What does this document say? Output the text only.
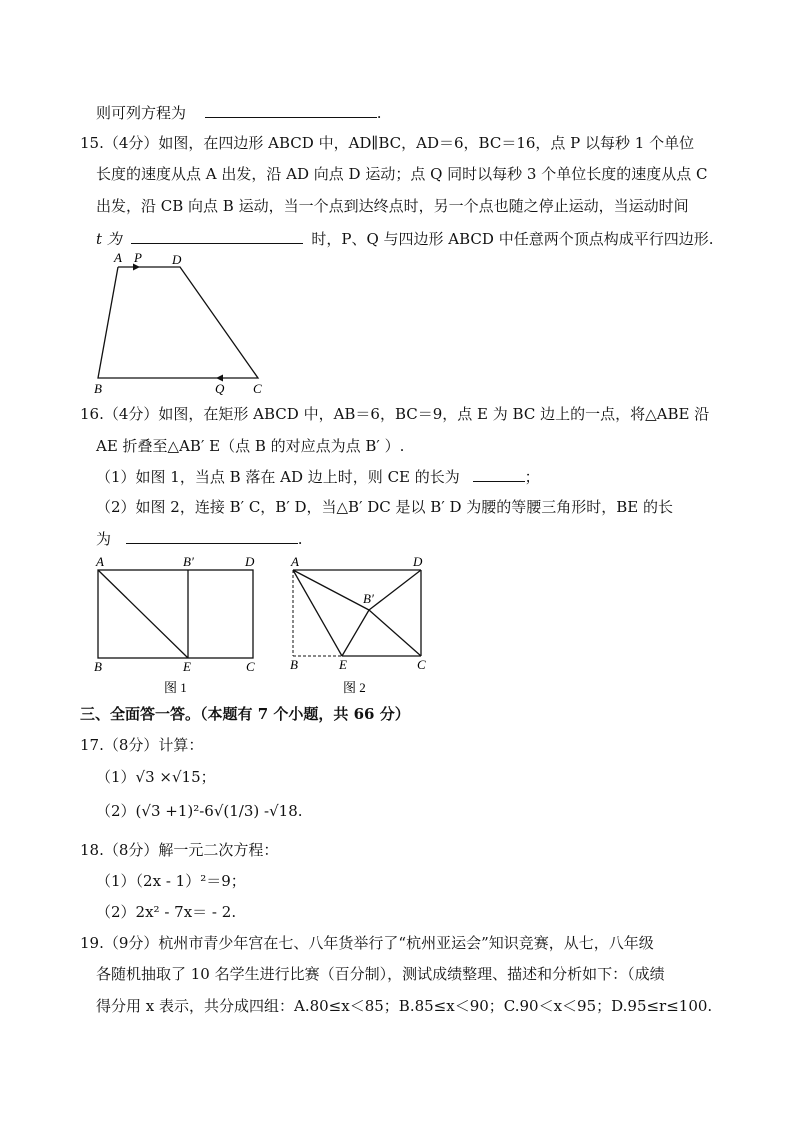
则可列方程为	.
15.（4分）如图，在四边形 ABCD 中，AD∥BC，AD＝6，BC＝16，点 P 以每秒 1 个单位
长度的速度从点 A 出发，沿 AD 向点 D 运动；点 Q 同时以每秒 3 个单位长度的速度从点 C
出发，沿 CB 向点 B 运动，当一个点到达终点时，另一个点也随之停止运动，当运动时间
t 为	时，P、Q 与四边形 ABCD 中任意两个顶点构成平行四边形.
A P D
B	Q C
16.（4分）如图，在矩形 ABCD 中，AB＝6，BC＝9，点 E 为 BC 边上的一点，将△ABE 沿
AE 折叠至△AB′ E（点 B 的对应点为点 B′ ）.
（1）如图 1，当点 B 落在 AD 边上时，则 CE 的长为	；
（2）如图 2，连接 B′ C，B′ D，当△B′ DC 是以 B′ D 为腰的等腰三角形时，BE 的长
为	.
A	B′	D
B	E	C
图 1
A	D
B′
B	E	C
图 2
三、全面答一答。（本题有 7 个小题，共 66 分）
17.（8分）计算：
（1）√3 ×√15；
（2）(√3 +1)²-6√(1/3) -√18.
18.（8分）解一元二次方程：
（1）（2x - 1）²＝9；
（2）2x² - 7x＝ - 2.
19.（9分）杭州市青少年宫在七、八年货举行了“杭州亚运会”知识竞赛，从七，八年级
各随机抽取了 10 名学生进行比赛（百分制），测试成绩整理、描述和分析如下：（成绩
得分用 x 表示，共分成四组：A.80≤x＜85；B.85≤x＜90；C.90＜x＜95；D.95≤r≤100.
